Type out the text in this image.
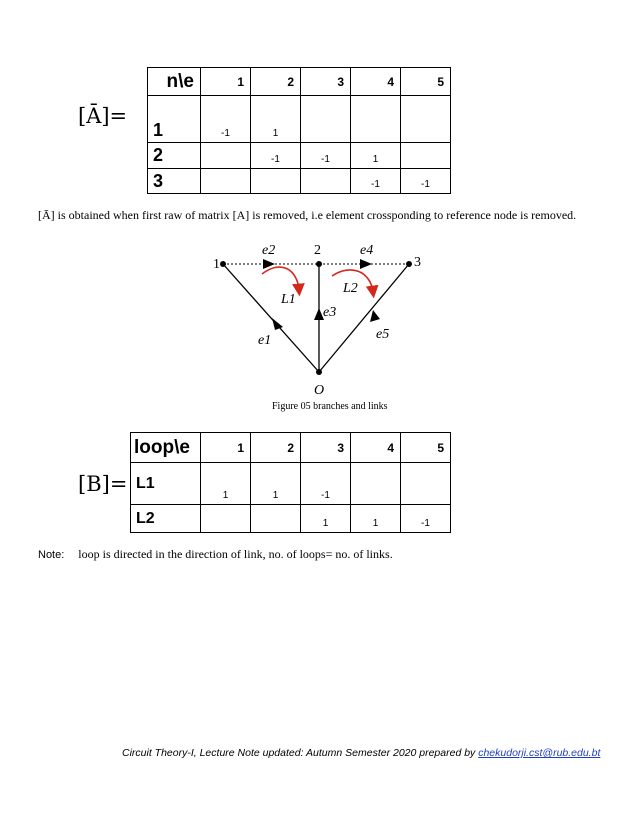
[Ā]=
n\e	1	2	3	4	5
1	-1	1			
2		-1	-1	1	
3				-1	-1
[Ā] is obtained when first raw of matrix [A] is removed, i.e element crossponding to reference node is removed.
1
2
3
O
e1
e2
e3
e4
e5
L1
L2
Figure 05 branches and links
[B]=
loop\e	1	2	3	4	5
L1	1	1	-1		
L2			1	1	-1
Note: loop is directed in the direction of link, no. of loops= no. of links.
Circuit Theory-I, Lecture Note updated: Autumn Semester 2020 prepared by chekudorji.cst@rub.edu.bt
